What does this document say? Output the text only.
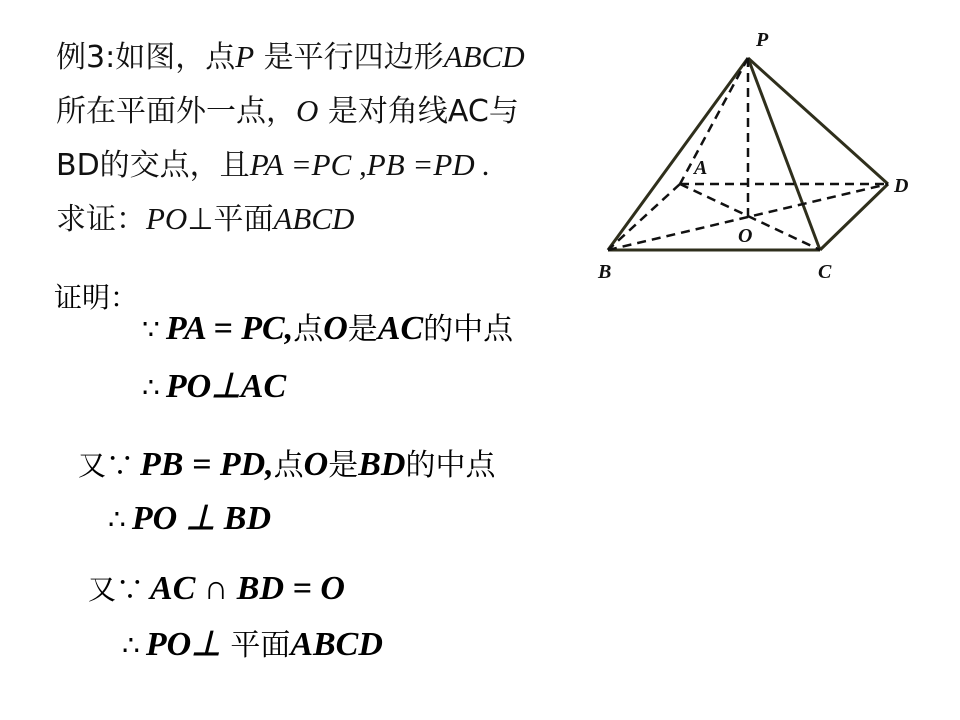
例3:如图，点P 是平行四边形ABCD
所在平面外一点，O 是对角线AC与
BD的交点，且PA =PC ,PB =PD .
求证：PO⊥平面ABCD
P
A
D
O
B	C
证明：
∵ PA = PC,点O是AC的中点
∴ PO⊥AC
又∵ PB = PD,点O是BD的中点
∴ PO ⊥ BD
又∵ AC ∩ BD = O
∴ PO⊥ 平面ABCD
